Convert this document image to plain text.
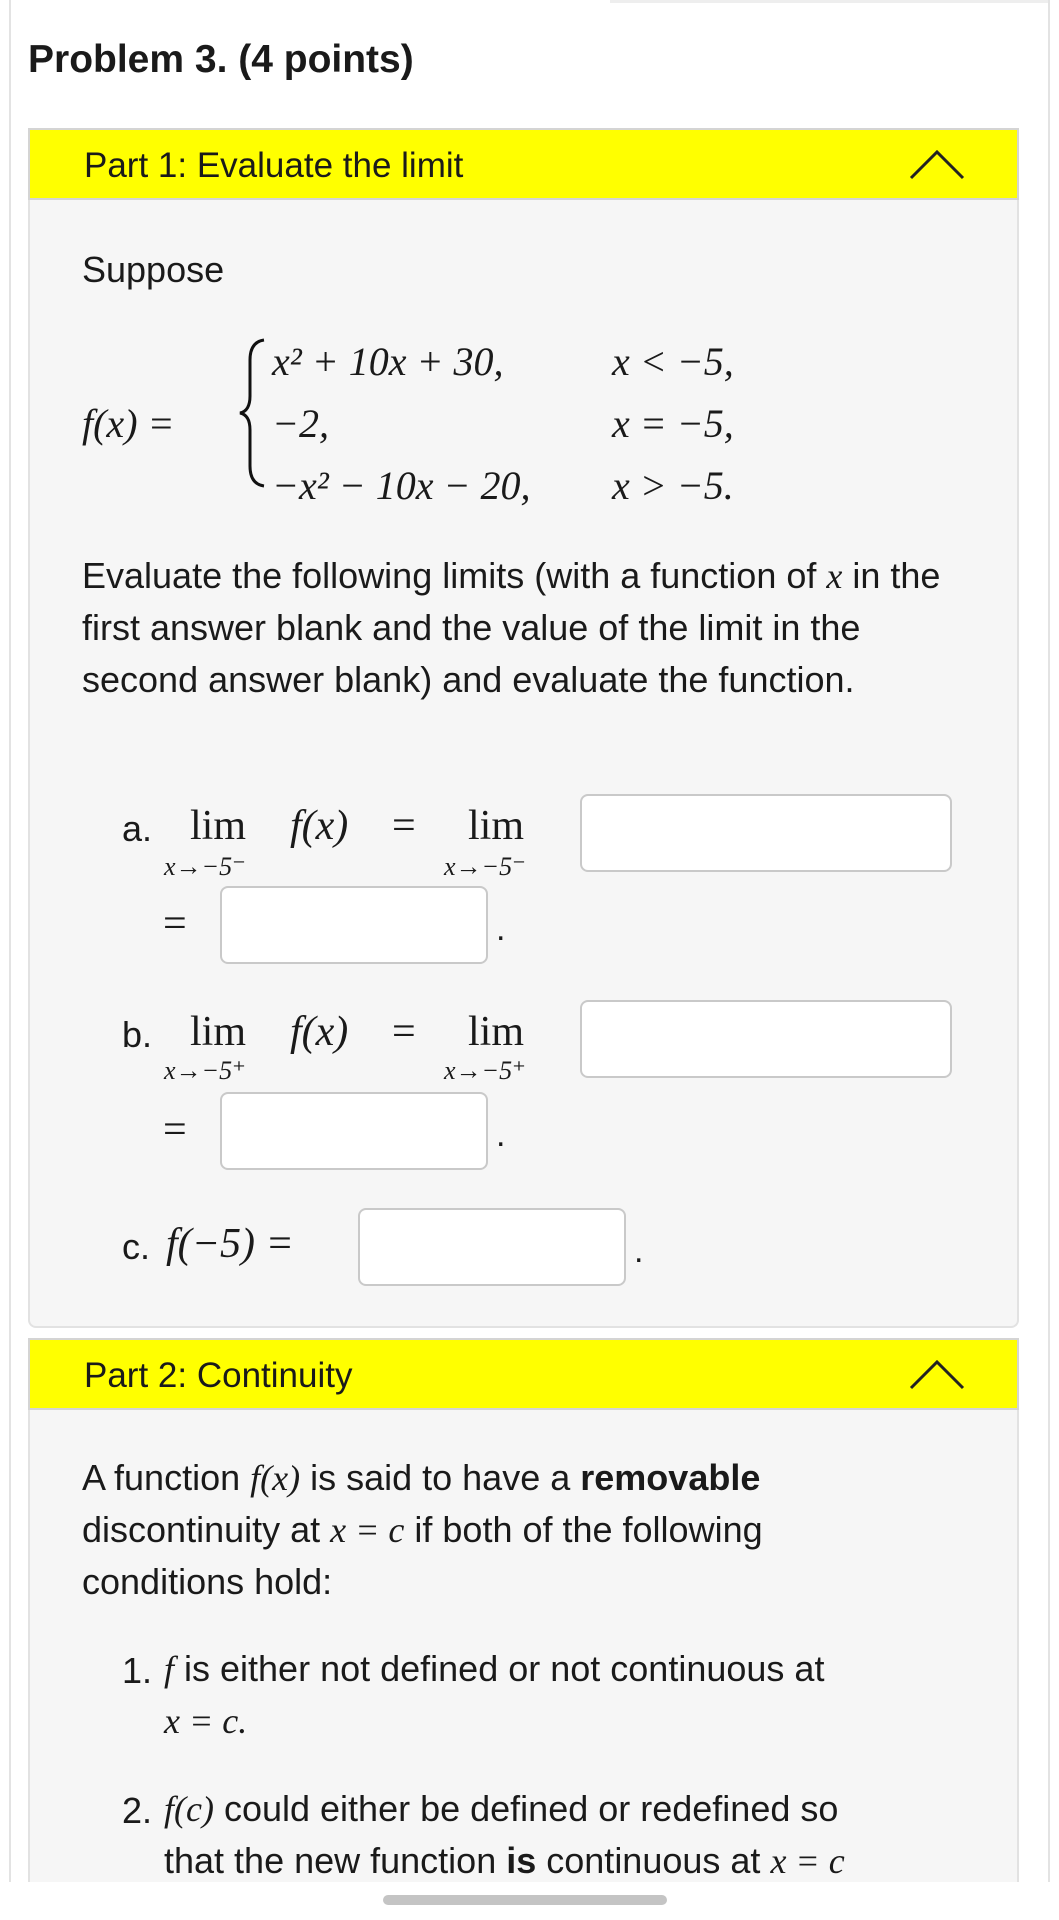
Problem 3. (4 points)
Part 1: Evaluate the limit
Suppose
f(x) =
x² + 10x + 30,	x < −5,
−2,	x = −5,
−x² − 10x − 20, x > −5.
Evaluate the following limits (with a function of x in the first answer blank and the value of the limit in the second answer blank) and evaluate the function.
a. lim
x→−5⁻
f(x) = lim
x→−5⁻
=	.
b. lim
x→−5⁺
f(x) = lim
x→−5⁺
=	.
c. f(−5) =	.
Part 2: Continuity
A function f(x) is said to have a removable
discontinuity at x = c if both of the following
conditions hold:
1. f is either not defined or not continuous at
x = c.
2. f(c) could either be defined or redefined so
that the new function is continuous at x = c
